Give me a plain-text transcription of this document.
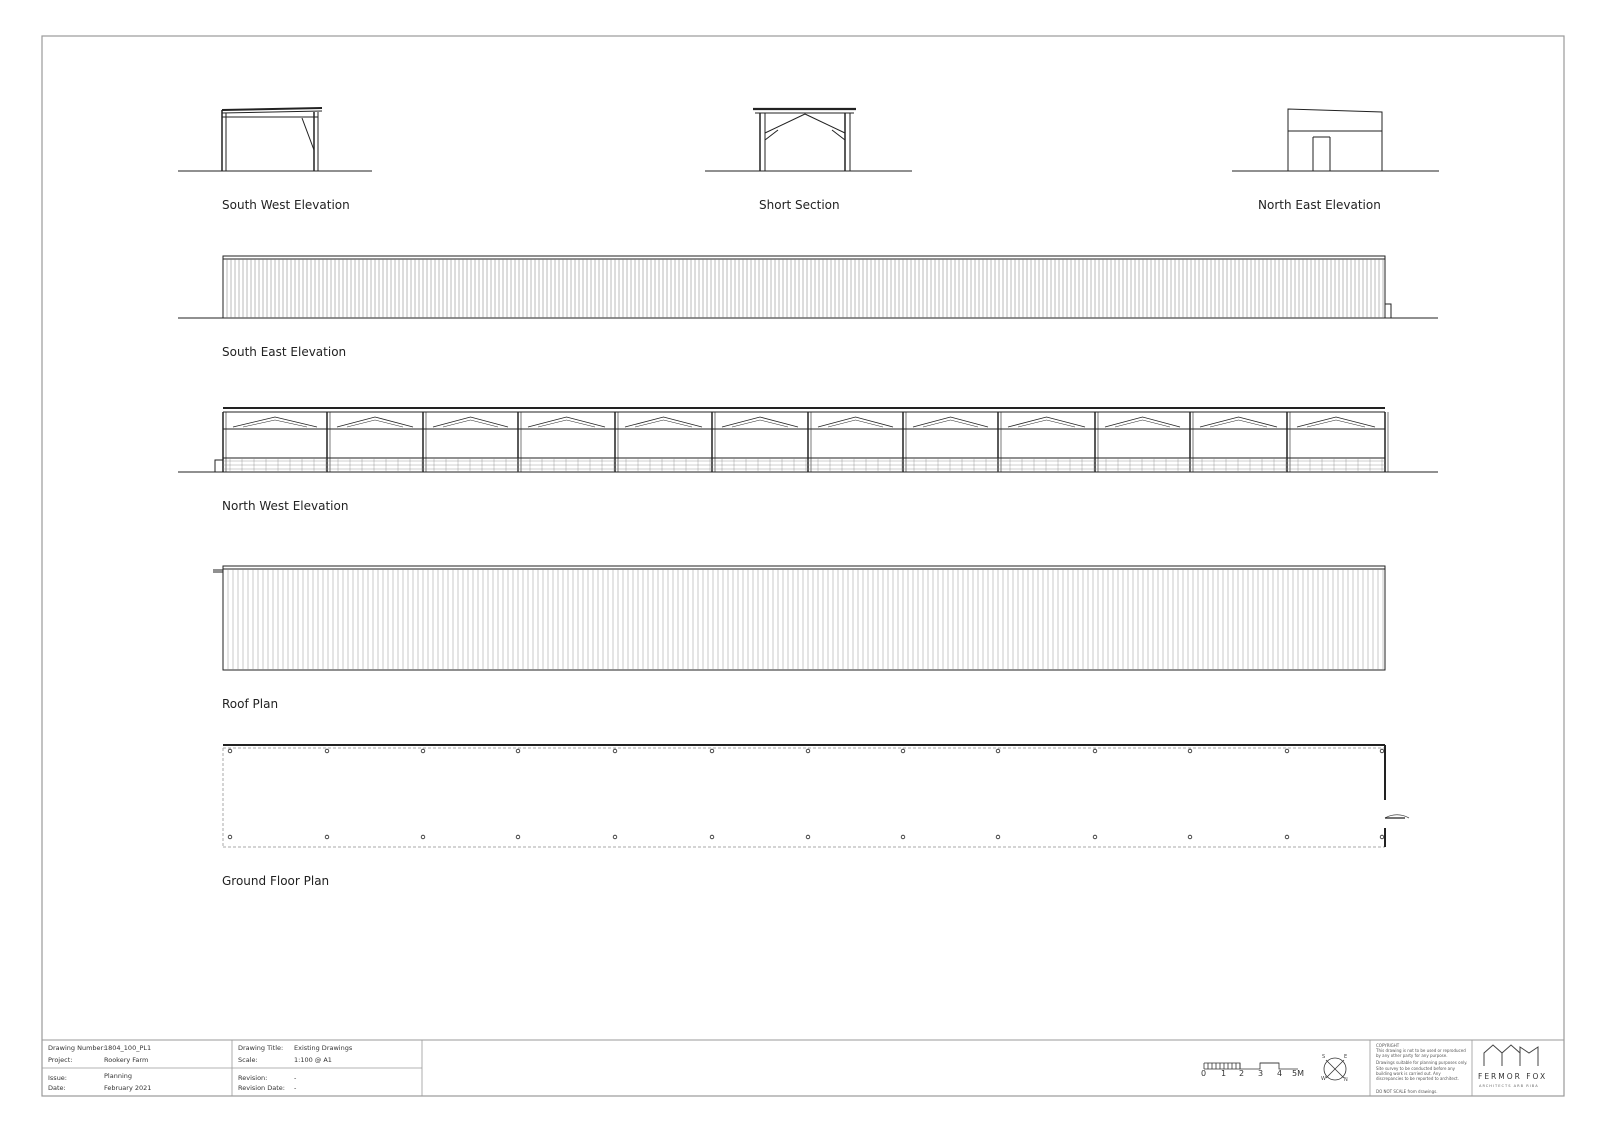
South West Elevation	Short Section	North East Elevation
South East Elevation
North West Elevation
Roof Plan
Ground Floor Plan
Drawing Number:
1804_100_PL1
Project:	Rookery Farm
Issue:	Planning
Date:	February 2021
Drawing Title: Existing Drawings
Scale:	1:100 @ A1
Revision:	-
Revision Date: -
0 1 2 3 4 5M
S	E
W	N
COPYRIGHT
This drawing is not to be used or reproduced by any other party for any purpose.
Drawings suitable for planning purposes only.
Site survey to be conducted before any building work is carried out. Any discrepancies to be reported to architect.
DO NOT SCALE from drawings.
FERMOR FOX
ARCHITECTS ARB RIBA
